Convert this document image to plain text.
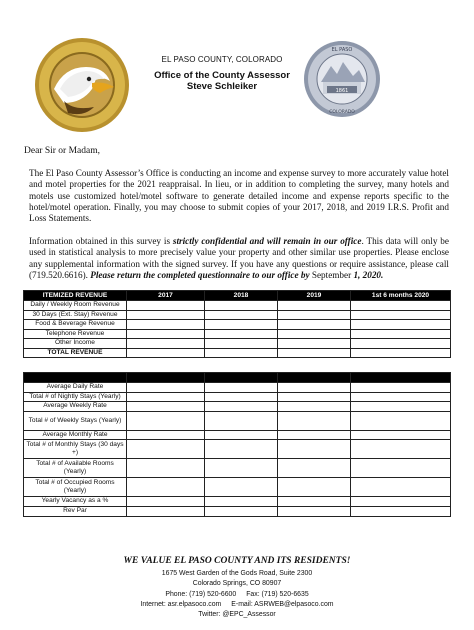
EL PASO
COLORADO
1861
EL PASO COUNTY, COLORADO
Office of the County Assessor
Steve Schleiker
Dear Sir or Madam,
The El Paso County Assessor’s Office is conducting an income and expense survey to more accurately value hotel and motel properties for the 2021 reappraisal. In lieu, or in addition to completing the survey, many hotels and motels use customized hotel/motel software to generate detailed income and expense reports specific to the hotel/motel operation. Finally, you may choose to submit copies of your 2017, 2018, and 2019 I.R.S. Profit and Loss Statements.
Information obtained in this survey is strictly confidential and will remain in our office. This data will only be used in statistical analysis to more precisely value your property and other similar use properties. Please enclose any supplemental information with the signed survey. If you have any questions or require assistance, please call (719.520.6616). Please return the completed questionnaire to our office by September 1, 2020.
ITEMIZED REVENUE	2017	2018	2019	1st 6 months 2020
Daily / Weekly Room Revenue				
30 Days (Ext. Stay) Revenue				
Food & Beverage Revenue				
Telephone Revenue				
Other Income				
TOTAL REVENUE				

Average Daily Rate				
Total # of Nightly Stays (Yearly)				
Average Weekly Rate				
Total # of Weekly Stays (Yearly)				
Average Monthly Rate				
Total # of Monthly Stays (30 days +)				
Total # of Available Rooms (Yearly)				
Total # of Occupied Rooms (Yearly)				
Yearly Vacancy as a %				
Rev Par				
WE VALUE EL PASO COUNTY AND ITS RESIDENTS!
1675 West Garden of the Gods Road, Suite 2300
Colorado Springs, CO 80907
Phone: (719) 520-6600 Fax: (719) 520-6635
Internet: asr.elpasoco.com E-mail: ASRWEB@elpasoco.com
Twitter: @EPC_Assessor
